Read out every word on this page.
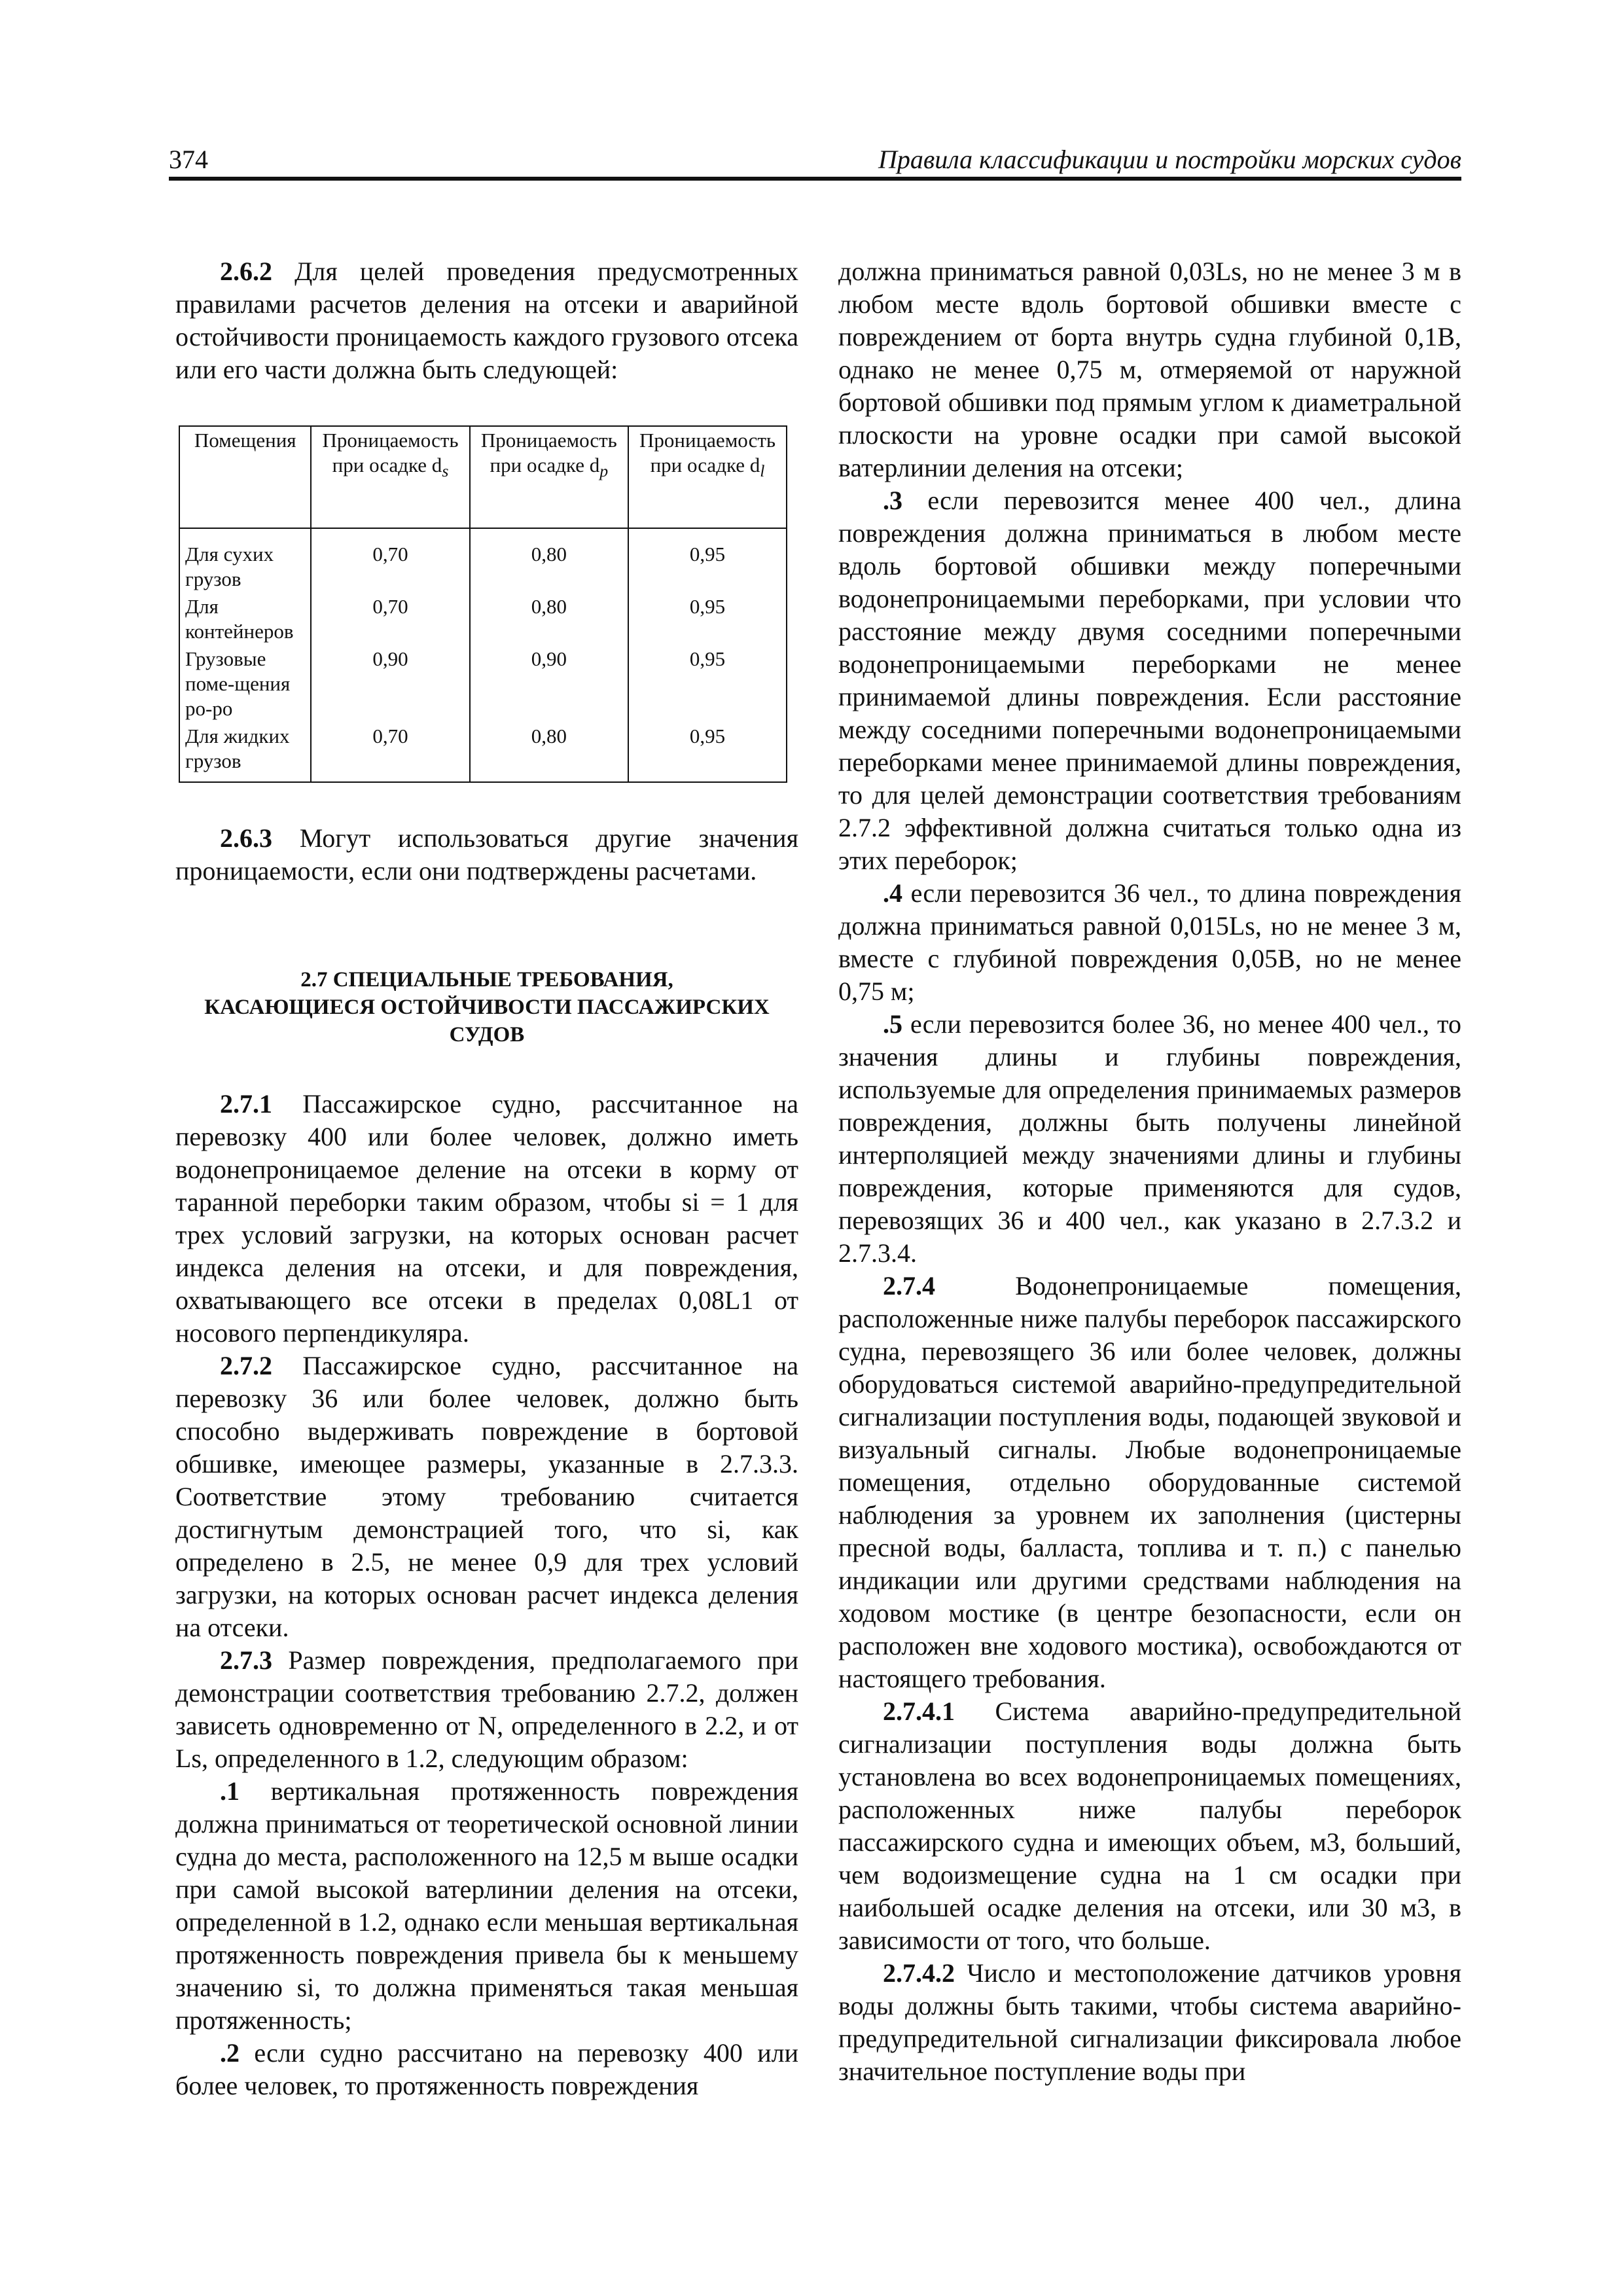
374	Правила классификации и постройки морских судов

2.6.2 Для целей проведения предусмотренных правилами расчетов деления на отсеки и аварийной остойчивости проницаемость каждого грузового отсека или его части должна быть следующей:

Помещения	Проницаемость при осадке $d_s$	Проницаемость при осадке $d_p$	Проницаемость при осадке $d_l$
Для сухих грузов	0,70	0,80	0,95
Для контейнеров	0,70	0,80	0,95
Грузовые поме-щения ро-ро	0,90	0,90	0,95
Для жидких грузов	0,70	0,80	0,95

2.6.3 Могут использоваться другие значения проницаемости, если они подтверждены расчетами.

2.7 СПЕЦИАЛЬНЫЕ ТРЕБОВАНИЯ,
КАСАЮЩИЕСЯ ОСТОЙЧИВОСТИ ПАССАЖИРСКИХ
СУДОВ

2.7.1 Пассажирское судно, рассчитанное на перевозку 400 или более человек, должно иметь водонепроницаемое деление на отсеки в корму от таранной переборки таким образом, чтобы si = 1 для трех условий загрузки, на которых основан расчет индекса деления на отсеки, и для повреждения, охватывающего все отсеки в пределах 0,08L1 от носового перпендикуляра.

2.7.2 Пассажирское судно, рассчитанное на перевозку 36 или более человек, должно быть способно выдерживать повреждение в бортовой обшивке, имеющее размеры, указанные в 2.7.3.3. Соответствие этому требованию считается достигнутым демонстрацией того, что si, как определено в 2.5, не менее 0,9 для трех условий загрузки, на которых основан расчет индекса деления на отсеки.

2.7.3 Размер повреждения, предполагаемого при демонстрации соответствия требованию 2.7.2, должен зависеть одновременно от N, определенного в 2.2, и от Ls, определенного в 1.2, следующим образом:

.1 вертикальная протяженность повреждения должна приниматься от теоретической основной линии судна до места, расположенного на 12,5 м выше осадки при самой высокой ватерлинии деления на отсеки, определенной в 1.2, однако если меньшая вертикальная протяженность повреждения привела бы к меньшему значению si, то должна применяться такая меньшая протяженность;

.2 если судно рассчитано на перевозку 400 или более человек, то протяженность повреждения

должна приниматься равной 0,03Ls, но не менее 3 м в любом месте вдоль бортовой обшивки вместе с повреждением от борта внутрь судна глубиной 0,1B, однако не менее 0,75 м, отмеряемой от наружной бортовой обшивки под прямым углом к диаметральной плоскости на уровне осадки при самой высокой ватерлинии деления на отсеки;

.3 если перевозится менее 400 чел., длина повреждения должна приниматься в любом месте вдоль бортовой обшивки между поперечными водонепроницаемыми переборками, при условии что расстояние между двумя соседними поперечными водонепроницаемыми переборками не менее принимаемой длины повреждения. Если расстояние между соседними поперечными водонепроницаемыми переборками менее принимаемой длины повреждения, то для целей демонстрации соответствия требованиям 2.7.2 эффективной должна считаться только одна из этих переборок;

.4 если перевозится 36 чел., то длина повреждения должна приниматься равной 0,015Ls, но не менее 3 м, вместе с глубиной повреждения 0,05B, но не менее 0,75 м;

.5 если перевозится более 36, но менее 400 чел., то значения длины и глубины повреждения, используемые для определения принимаемых размеров повреждения, должны быть получены линейной интерполяцией между значениями длины и глубины повреждения, которые применяются для судов, перевозящих 36 и 400 чел., как указано в 2.7.3.2 и 2.7.3.4.

2.7.4 Водонепроницаемые помещения, расположенные ниже палубы переборок пассажирского судна, перевозящего 36 или более человек, должны оборудоваться системой аварийно-предупредительной сигнализации поступления воды, подающей звуковой и визуальный сигналы. Любые водонепроницаемые помещения, отдельно оборудованные системой наблюдения за уровнем их заполнения (цистерны пресной воды, балласта, топлива и т. п.) с панелью индикации или другими средствами наблюдения на ходовом мостике (в центре безопасности, если он расположен вне ходового мостика), освобождаются от настоящего требования.

2.7.4.1 Система аварийно-предупредительной сигнализации поступления воды должна быть установлена во всех водонепроницаемых помещениях, расположенных ниже палубы переборок пассажирского судна и имеющих объем, м3, больший, чем водоизмещение судна на 1 см осадки при наибольшей осадке деления на отсеки, или 30 м3, в зависимости от того, что больше.

2.7.4.2 Число и местоположение датчиков уровня воды должны быть такими, чтобы система аварийно-предупредительной сигнализации фиксировала любое значительное поступление воды при
